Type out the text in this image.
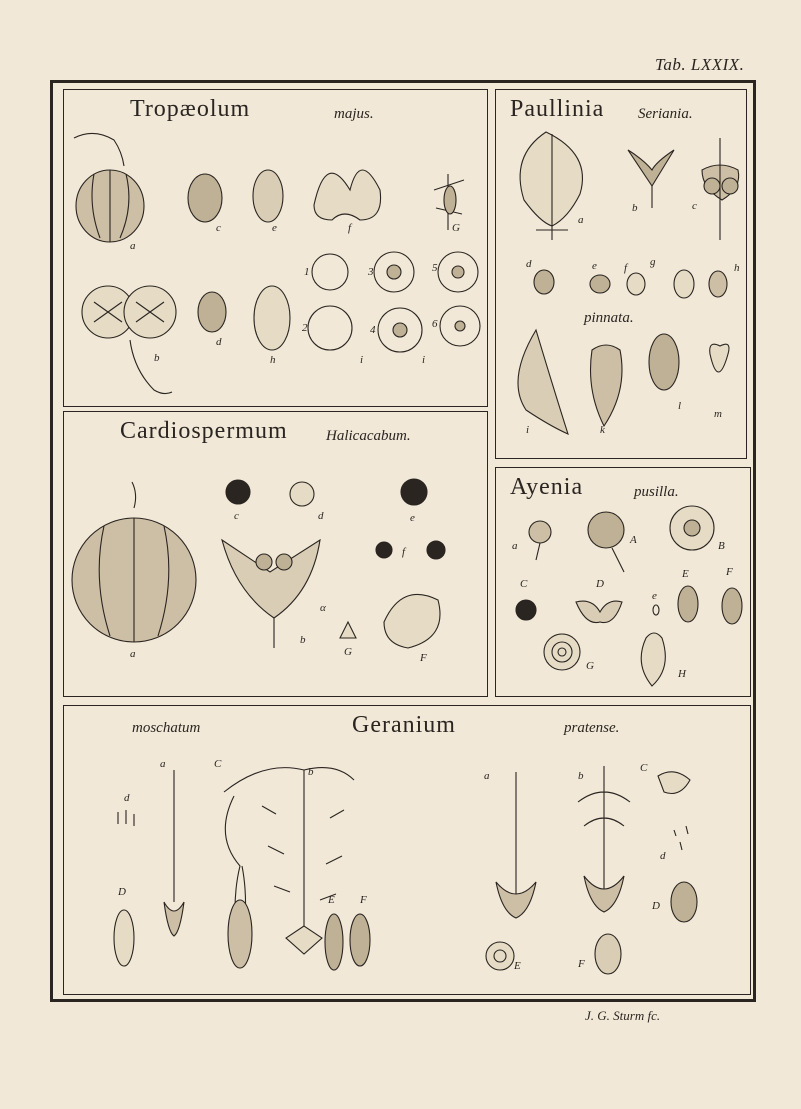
Tab. LXXIX.
Tropæolum	majus.
a
c	e	f	G
b
d
h	i	i
1
2
3
4
5
6
Paullinia Seriania.
pinnata.
a
b	c
d	e f g	h
i	k
l
m
Cardiospermum	Halicacabum.
a
b
c	d	e
f
α
G	F
Ayenia	pusilla.
a	A	B
C	D
e
E	F
G
H
moschatum	Geranium	pratense.
a	C
b
d
D
E F
a	b
C
d
D
E	F
J. G. Sturm fc.
